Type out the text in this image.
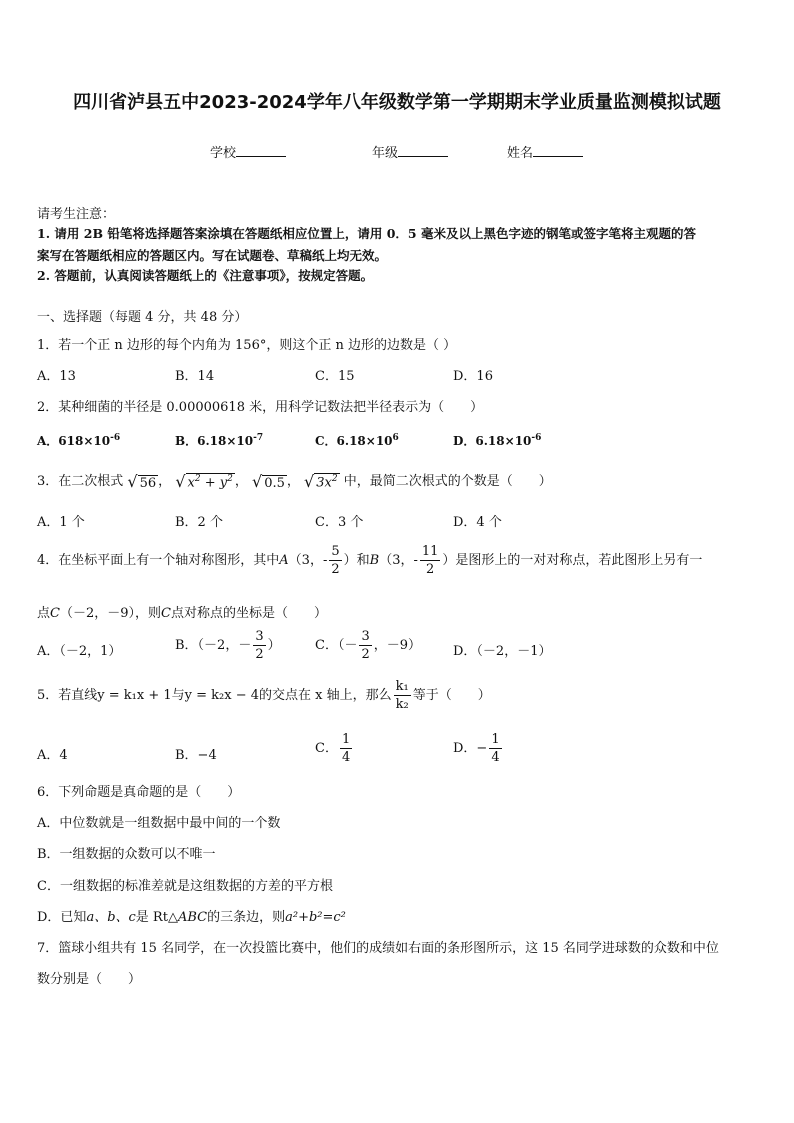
四川省泸县五中2023-2024学年八年级数学第一学期期末学业质量监测模拟试题
学校	年级	姓名
请考生注意：
1. 请用 2B 铅笔将选择题答案涂填在答题纸相应位置上，请用 0．5 毫米及以上黑色字迹的钢笔或签字笔将主观题的答
案写在答题纸相应的答题区内。写在试题卷、草稿纸上均无效。
2. 答题前，认真阅读答题纸上的《注意事项》，按规定答题。
一、选择题（每题 4 分，共 48 分）
1．若一个正 n 边形的每个内角为 156°，则这个正 n 边形的边数是（ ）
A．13	B．14	C．15	D．16
2．某种细菌的半径是 0.00000618 米，用科学记数法把半径表示为（　　）
A．$618\times 10^{-6}$	B．$6.18\times 10^{-7}$	C．$6.18\times 10^6$	D．$6.18\times 10^{-6}$
3．在二次根式 √ 56 ， √ $x^2 + y^2$ ， √ 0.5 ， √ $3x^2$ 中，最简二次根式的个数是（　　）
A．1 个	B．2 个	C．3 个	D．4 个
4．在坐标平面上有一个轴对称图形，其中A（3，- $\frac{5}{2}$ ）和B（3，- $\frac{11}{2}$ ）是图形上的一对对称点，若此图形上另有一
点C（－2，－9），则C点对称点的坐标是（　　）
A．（－2，1）	B．（－2，－ $\frac{3}{2}$ ）	C．（－ $\frac{3}{2}$ ，－9） D．（－2，－1）
5．若直线y = k₁x + 1与y = k₂x − 4的交点在 x 轴上，那么 $\frac{\text{k₁}}{\text{k₂}}$ 等于（　　）
A．4	B．−4	C． $\frac{1}{4}$	D．− $\frac{1}{4}$
6．下列命题是真命题的是（　　）
A．中位数就是一组数据中最中间的一个数
B．一组数据的众数可以不唯一
C．一组数据的标准差就是这组数据的方差的平方根
D．已知a、b、c是 Rt△ABC的三条边，则a²+b²=c²
7．篮球小组共有 15 名同学，在一次投篮比赛中，他们的成绩如右面的条形图所示，这 15 名同学进球数的众数和中位
数分别是（　　）
